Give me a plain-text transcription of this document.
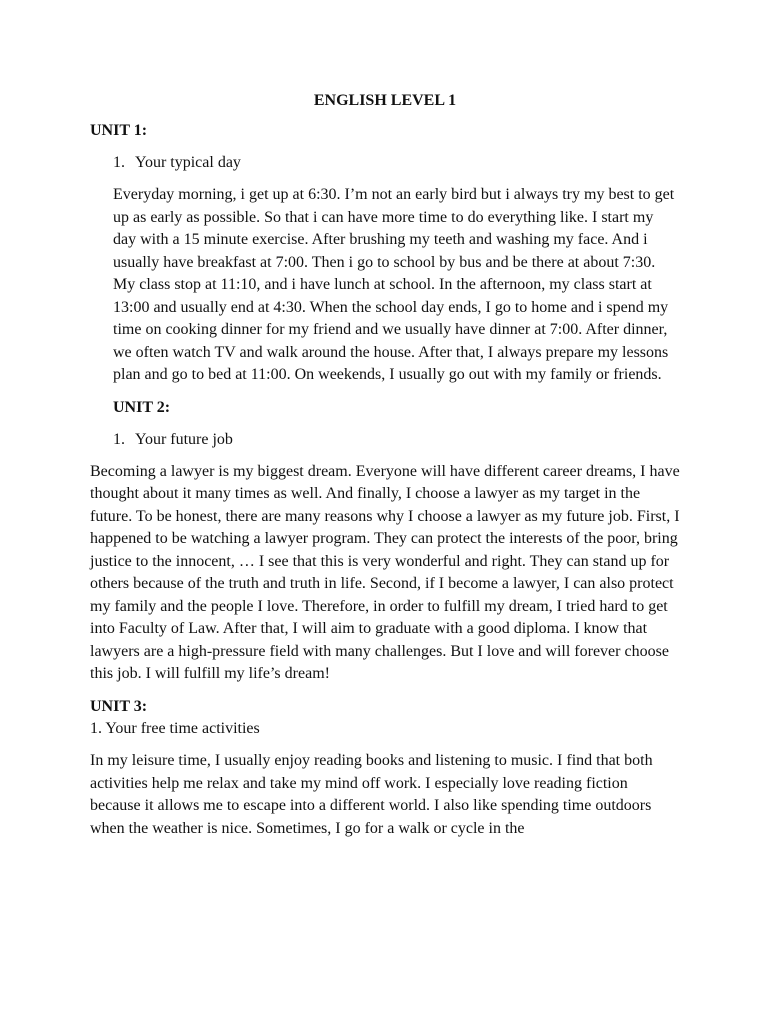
ENGLISH LEVEL 1

UNIT 1:

1. Your typical day

Everyday morning, i get up at 6:30. I’m not an early bird but i always try my best to get up as early as possible. So that i can have more time to do everything like. I start my day with a 15 minute exercise. After brushing my teeth and washing my face. And i usually have breakfast at 7:00. Then i go to school by bus and be there at about 7:30. My class stop at 11:10, and i have lunch at school. In the afternoon, my class start at 13:00 and usually end at 4:30. When the school day ends, I go to home and i spend my time on cooking dinner for my friend and we usually have dinner at 7:00. After dinner, we often watch TV and walk around the house. After that, I always prepare my lessons plan and go to bed at 11:00. On weekends, I usually go out with my family or friends.

UNIT 2:

1. Your future job

Becoming a lawyer is my biggest dream. Everyone will have different career dreams, I have thought about it many times as well. And finally, I choose a lawyer as my target in the future. To be honest, there are many reasons why I choose a lawyer as my future job. First, I happened to be watching a lawyer program. They can protect the interests of the poor, bring justice to the innocent, … I see that this is very wonderful and right. They can stand up for others because of the truth and truth in life. Second, if I become a lawyer, I can also protect my family and the people I love. Therefore, in order to fulfill my dream, I tried hard to get into Faculty of Law. After that, I will aim to graduate with a good diploma. I know that lawyers are a high-pressure field with many challenges. But I love and will forever choose this job. I will fulfill my life’s dream!

UNIT 3:

1. Your free time activities

In my leisure time, I usually enjoy reading books and listening to music. I find that both activities help me relax and take my mind off work. I especially love reading fiction because it allows me to escape into a different world. I also like spending time outdoors when the weather is nice. Sometimes, I go for a walk or cycle in the
